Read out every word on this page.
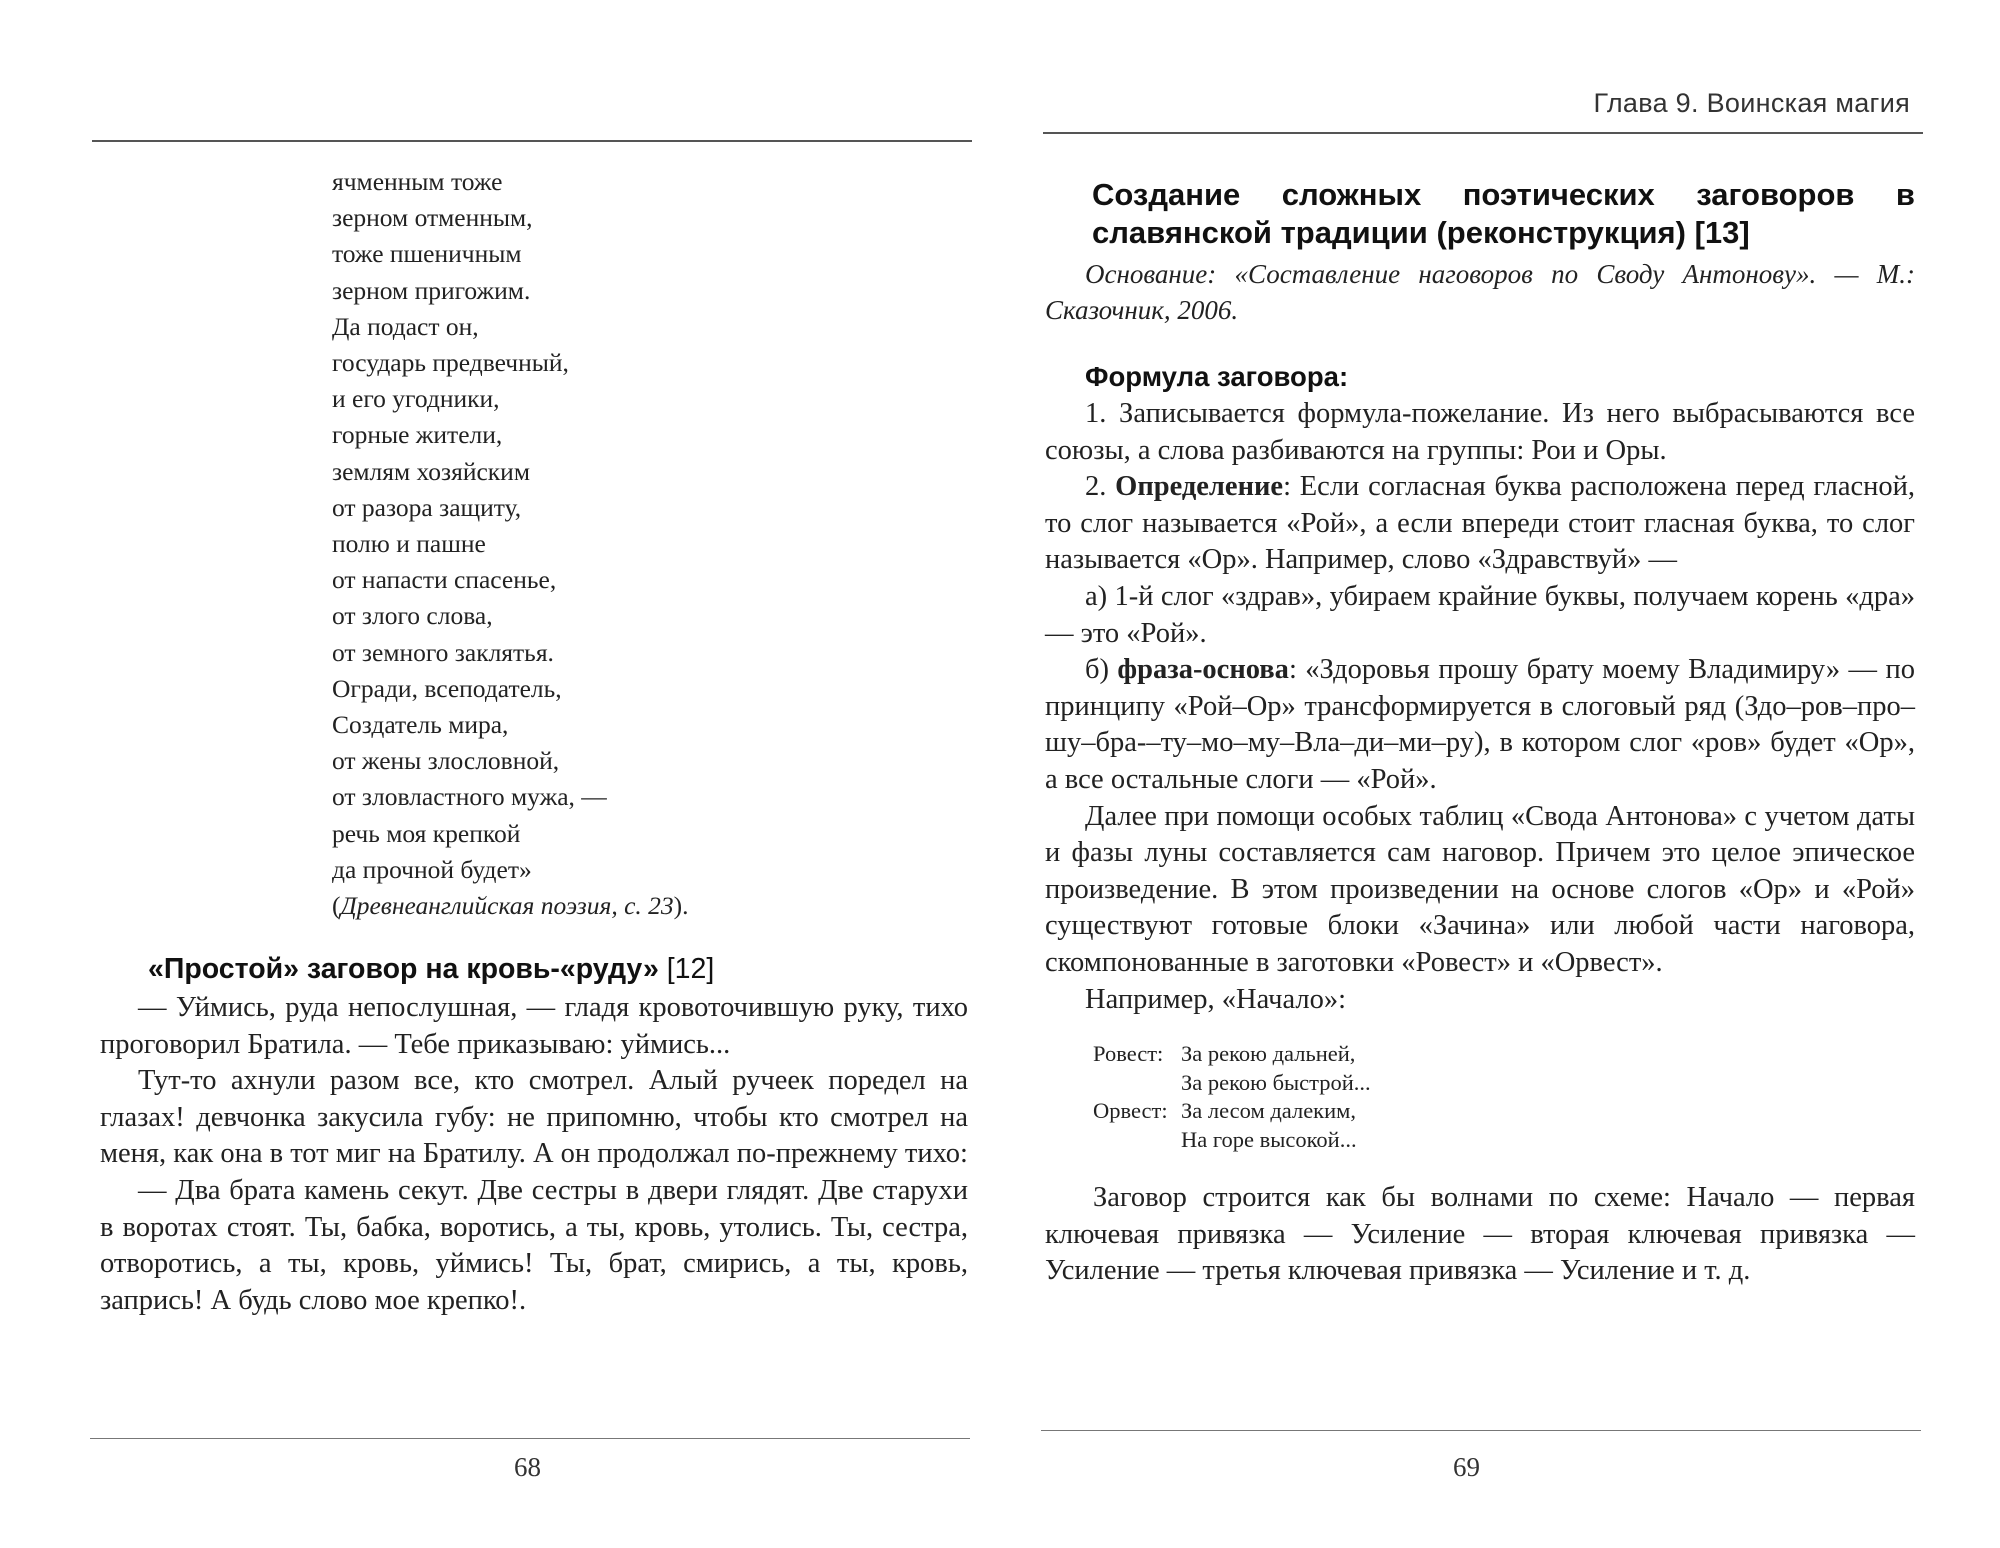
ячменным тоже
зерном отменным,
тоже пшеничным
зерном пригожим.
Да подаст он,
государь предвечный,
и его угодники,
горные жители,
землям хозяйским
от разора защиту,
полю и пашне
от напасти спасенье,
от злого слова,
от земного заклятья.
Огради, всеподатель,
Создатель мира,
от жены злословной,
от зловластного мужа, —
речь моя крепкой
да прочной будет»
(Древнеанглийская поэзия, с. 23).
«Простой» заговор на кровь-«руду» [12]

— Уймись, руда непослушная, — гладя кровоточившую руку, тихо проговорил Братила. — Тебе приказываю: уймись...

Тут-то ахнули разом все, кто смотрел. Алый ручеек поредел на глазах! девчонка закусила губу: не припомню, чтобы кто смотрел на меня, как она в тот миг на Братилу. А он продолжал по-прежнему тихо:

— Два брата камень секут. Две сестры в двери глядят. Две старухи в воротах стоят. Ты, бабка, воротись, а ты, кровь, утолись. Ты, сестра, отворотись, а ты, кровь, уймись! Ты, брат, смирись, а ты, кровь, запрись! А будь слово мое крепко!.

68
Глава 9. Воинская магия
Создание сложных поэтических заговоров в славянской традиции (реконструкция) [13]

Основание: «Составление наговоров по Своду Антонову». — М.: Сказочник, 2006.

Формула заговора:

1. Записывается формула-пожелание. Из него выбрасываются все союзы, а слова разбиваются на группы: Рои и Оры.

2. Определение: Если согласная буква расположена перед гласной, то слог называется «Рой», а если впереди стоит гласная буква, то слог называется «Ор». Например, слово «Здравствуй» —

а) 1-й слог «здрав», убираем крайние буквы, получаем корень «дра» — это «Рой».

б) фраза-основа: «Здоровья прошу брату моему Владимиру» — по принципу «Рой–Ор» трансформируется в слоговый ряд (Здо–ров–про–шу–бра-–ту–мо–му–Вла–ди–ми–ру), в котором слог «ров» будет «Ор», а все остальные слоги — «Рой».

Далее при помощи особых таблиц «Свода Антонова» с учетом даты и фазы луны составляется сам наговор. Причем это целое эпическое произведение. В этом произведении на основе слогов «Ор» и «Рой» существуют готовые блоки «Зачина» или любой части наговора, скомпонованные в заготовки «Ровест» и «Орвест».

Например, «Начало»:

Ровест: За рекою дальней,
За рекою быстрой...
Орвест: За лесом далеким,
На горе высокой...

Заговор строится как бы волнами по схеме: Начало — первая ключевая привязка — Усиление — вторая ключевая привязка — Усиление — третья ключевая привязка — Усиление и т. д.

69
